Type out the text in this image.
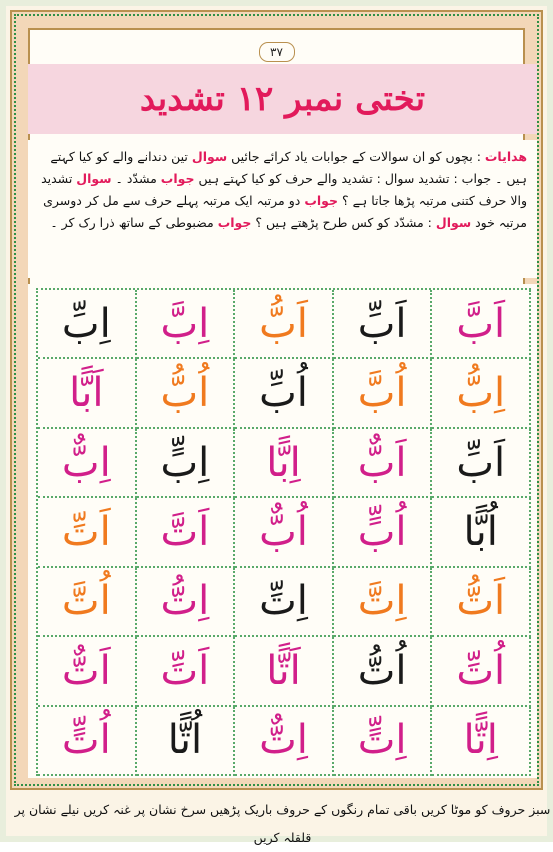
۳۷
تختی نمبر ۱۲ تشدید
ھدایات : بچوں کو ان سوالات کے جوابات یاد کرائے جائیں سوال تین دندانے والے کو کیا کہتے ہیں ۔ جواب : تشدید سوال : تشدید والے حرف کو کیا کہتے ہیں جواب مشدّد ۔ سوال تشدید والا حرف کتنی مرتبہ پڑھا جاتا ہے ؟ جواب دو مرتبہ ایک مرتبہ پہلے حرف سے مل کر دوسری مرتبہ خود سوال : مشدّد کو کس طرح پڑھتے ہیں ؟ جواب مضبوطی کے ساتھ ذرا رک کر ۔
اَبَّ
اَبِّ
اَبُّ
اِبَّ
اِبِّ
اِبُّ
اُبَّ
اُبِّ
اُبُّ
اَبًّا
اَبِّ
اَبٌّ
اِبًّا
اِبٍّ
اِبٌّ
اُبًّا
اُبٍّ
اُبٌّ
اَتَّ
اَتِّ
اَتُّ
اِتَّ
اِتِّ
اِتُّ
اُتَّ
اُتِّ
اُتُّ
اَتًّا
اَتِّ
اَتٌّ
اِتًّا
اِتٍّ
اِتٌّ
اُتًّا
اُتٍّ
سبز حروف کو موٹا کریں باقی تمام رنگوں کے حروف باریک پڑھیں سرخ نشان پر غنہ کریں نیلے نشان پر قلقلہ کریں
